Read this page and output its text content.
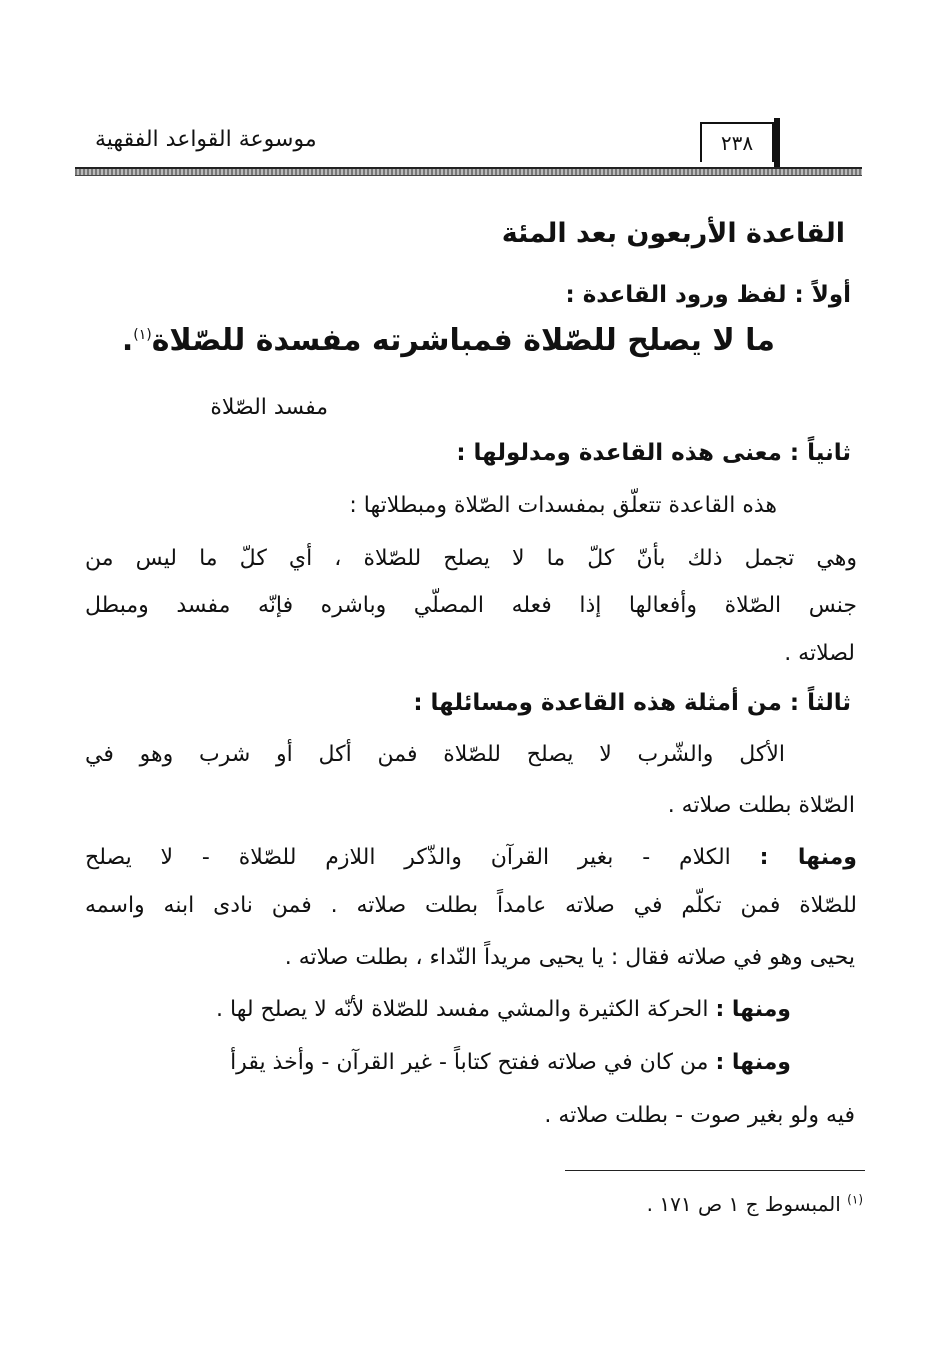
موسوعة القواعد الفقهية	٢٣٨
القاعدة الأربعون بعد المئة
أولاً : لفظ ورود القاعدة :
ما لا يصلح للصّلاة فمباشرته مفسدة للصّلاة$^{(١)}$.
مفسد الصّلاة
ثانياً : معنى هذه القاعدة ومدلولها :
هذه القاعدة تتعلّق بمفسدات الصّلاة ومبطلاتها :
وهي تجمل ذلك بأنّ كلّ ما لا يصلح للصّلاة ، أي كلّ ما ليس من
جنس الصّلاة وأفعالها إذا فعله المصلّي وباشره فإنّه مفسد ومبطل
لصلاته .
ثالثاً : من أمثلة هذه القاعدة ومسائلها :
الأكل والشّرب لا يصلح للصّلاة فمن أكل أو شرب وهو في
الصّلاة بطلت صلاته .
ومنها : الكلام - بغير القرآن والذّكر اللازم للصّلاة - لا يصلح
للصّلاة فمن تكلّم في صلاته عامداً بطلت صلاته . فمن نادى ابنه واسمه
يحيى وهو في صلاته فقال : يا يحيى مريداً النّداء ، بطلت صلاته .
ومنها : الحركة الكثيرة والمشي مفسد للصّلاة لأنّه لا يصلح لها .
ومنها : من كان في صلاته ففتح كتاباً - غير القرآن - وأخذ يقرأ
فيه ولو بغير صوت - بطلت صلاته .
$^{(١)}$ المبسوط ج ١ ص ١٧١ .
